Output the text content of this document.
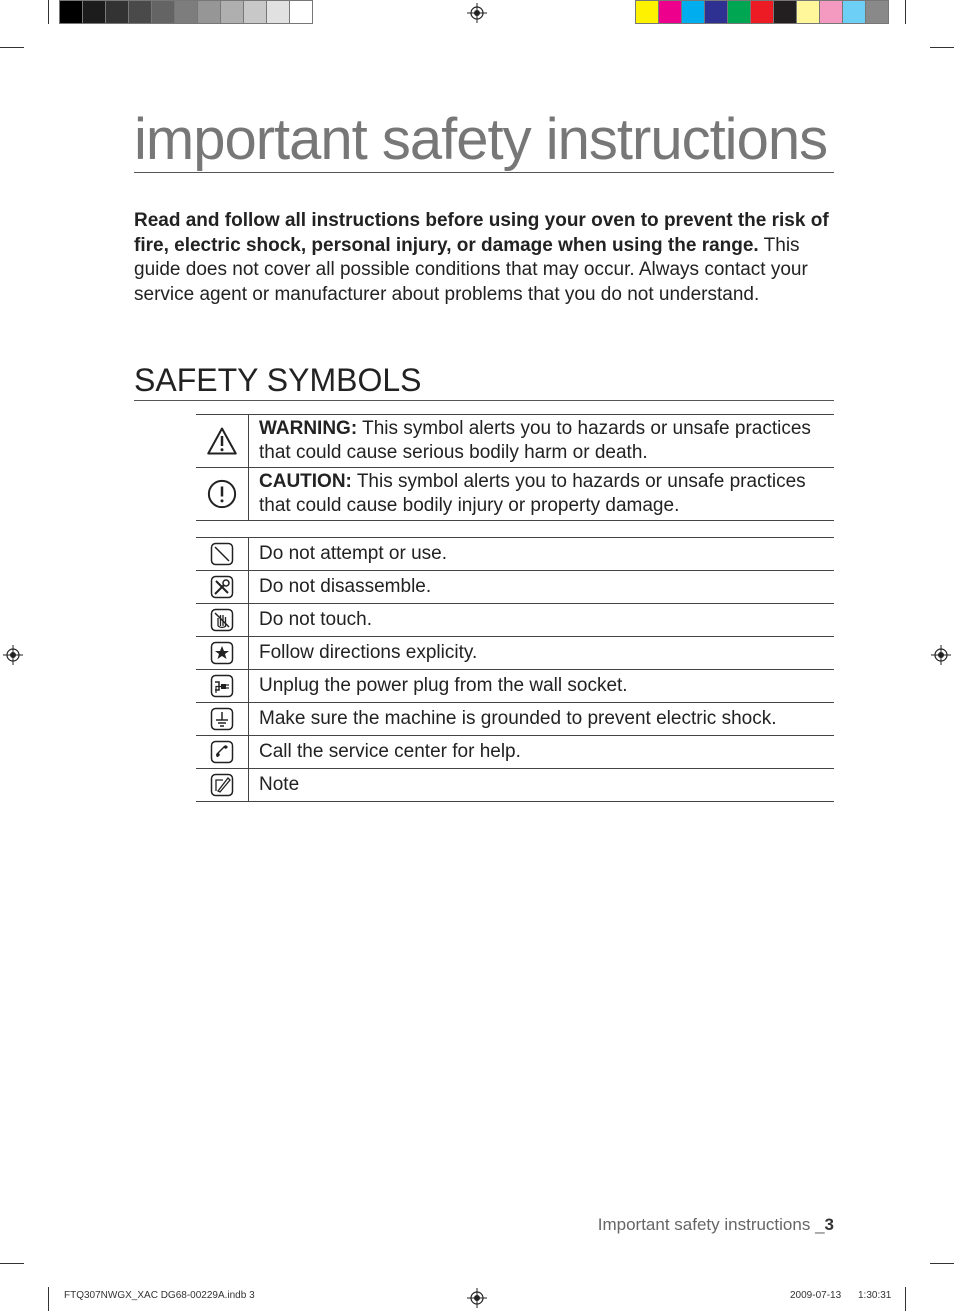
important safety instructions

Read and follow all instructions before using your oven to prevent the risk of fire, electric shock, personal injury, or damage when using the range. This guide does not cover all possible conditions that may occur. Always contact your service agent or manufacturer about problems that you do not understand.

SAFETY SYMBOLS
	WARNING: This symbol alerts you to hazards or unsafe practices that could cause serious bodily harm or death.
	CAUTION: This symbol alerts you to hazards or unsafe practices that could cause bodily injury or property damage.
	Do not attempt or use.
	Do not disassemble.
	Do not touch.
	Follow directions explicity.
	Unplug the power plug from the wall socket.
	Make sure the machine is grounded to prevent electric shock.
	Call the service center for help.
	Note
Important safety instructions _3
FTQ307NWGX_XAC DG68-00229A.indb 3	2009-07-13 1:30:31
